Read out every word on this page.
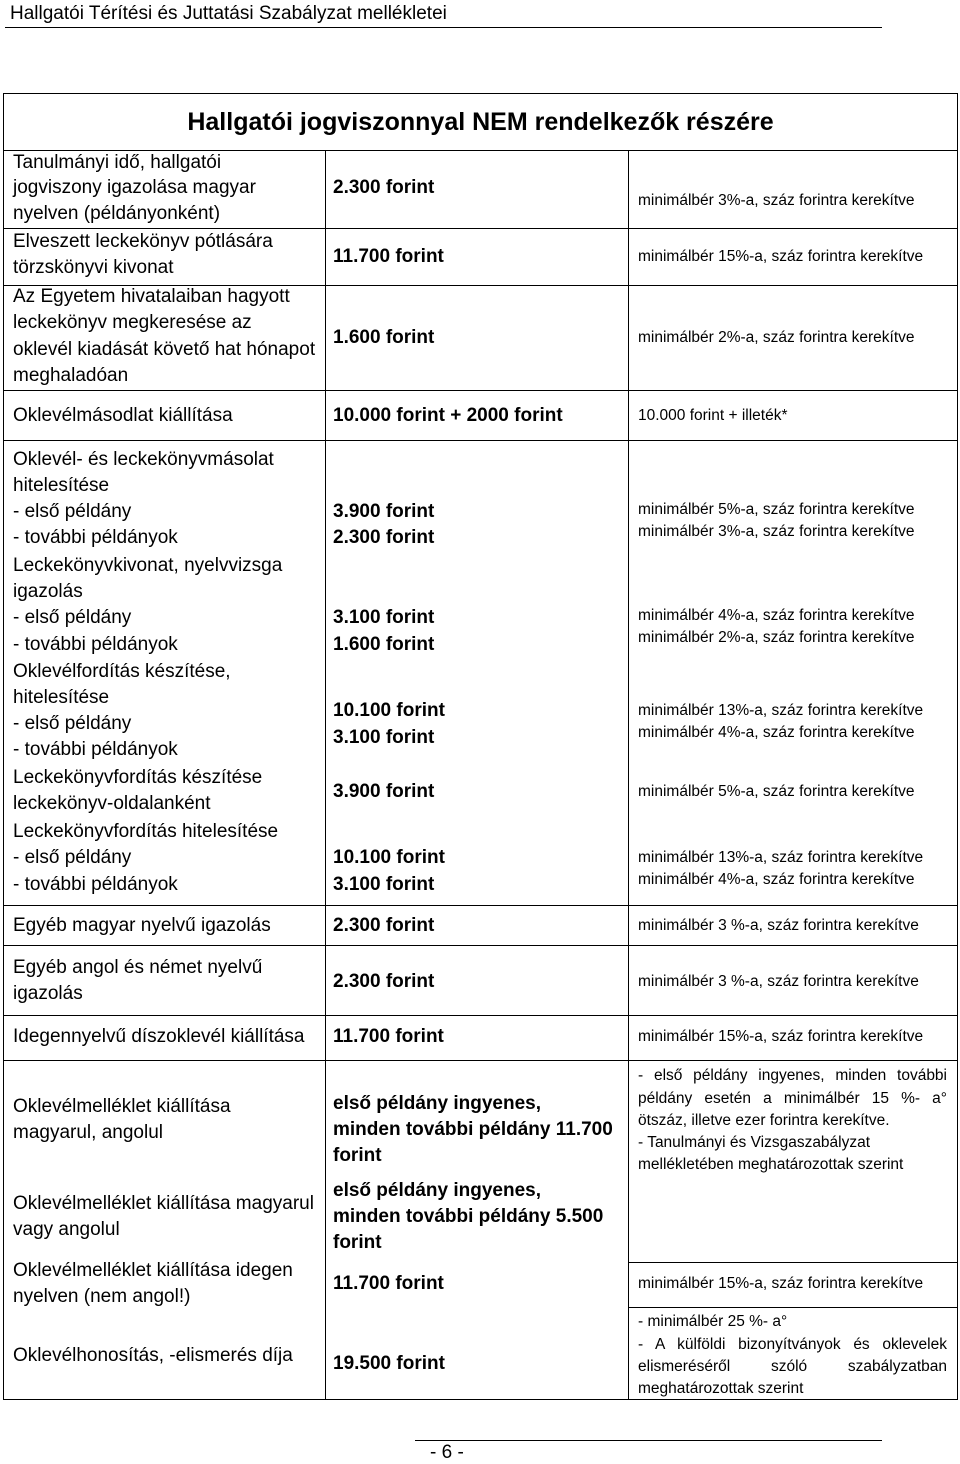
Hallgatói Térítési és Juttatási Szabályzat mellékletei
Hallgatói jogviszonnyal NEM rendelkezők részére
Tanulmányi idő, hallgatói
jogviszony igazolása magyar
nyelven (példányonként)
Elveszett leckekönyv pótlására
törzskönyvi kivonat
Az Egyetem hivatalaiban hagyott
leckekönyv megkeresése az
oklevél kiadását követő hat hónapot
meghaladóan
Oklevélmásodlat kiállítása
Oklevél- és leckekönyvmásolat
hitelesítése
- első példány
- további példányok
Leckekönyvkivonat, nyelvvizsga
igazolás
- első példány
- további példányok
Oklevélfordítás készítése,
hitelesítése
- első példány
- további példányok
Leckekönyvfordítás készítése
leckekönyv-oldalanként
Leckekönyvfordítás hitelesítése
- első példány
- további példányok
Egyéb magyar nyelvű igazolás
Egyéb angol és német nyelvű
igazolás
Idegennyelvű díszoklevél kiállítása
Oklevélmelléklet kiállítása
magyarul, angolul
Oklevélmelléklet kiállítása magyarul
vagy angolul
Oklevélmelléklet kiállítása idegen
nyelven (nem angol!)
Oklevélhonosítás, -elismerés díja
2.300 forint
11.700 forint
1.600 forint
10.000 forint + 2000 forint
3.900 forint
2.300 forint
3.100 forint
1.600 forint
10.100 forint
3.100 forint
3.900 forint
10.100 forint
3.100 forint
2.300 forint
2.300 forint
11.700 forint
első példány ingyenes,
minden további példány 11.700
forint
első példány ingyenes,
minden további példány 5.500
forint
11.700 forint
19.500 forint
minimálbér 3%-a, száz forintra kerekítve
minimálbér 15%-a, száz forintra kerekítve
minimálbér 2%-a, száz forintra kerekítve
10.000 forint + illeték*
minimálbér 5%-a, száz forintra kerekítve
minimálbér 3%-a, száz forintra kerekítve
minimálbér 4%-a, száz forintra kerekítve
minimálbér 2%-a, száz forintra kerekítve
minimálbér 13%-a, száz forintra kerekítve
minimálbér 4%-a, száz forintra kerekítve
minimálbér 5%-a, száz forintra kerekítve
minimálbér 13%-a, száz forintra kerekítve
minimálbér 4%-a, száz forintra kerekítve
minimálbér 3 %-a, száz forintra kerekítve
minimálbér 3 %-a, száz forintra kerekítve
minimálbér 15%-a, száz forintra kerekítve
- első példány ingyenes, minden további
példány esetén a minimálbér 15 %- a°
ötszáz, illetve ezer forintra kerekítve.
- Tanulmányi és Vizsgaszabályzat
mellékletében meghatározottak szerint
minimálbér 15%-a, száz forintra kerekítve
- minimálbér 25 %- a°
- A külföldi bizonyítványok és oklevelek
elismeréséről szóló szabályzatban
meghatározottak szerint
- 6 -
